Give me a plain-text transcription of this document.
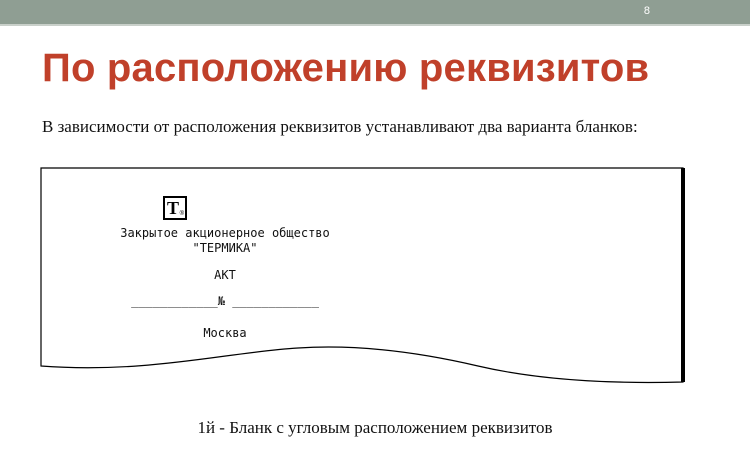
8
По расположению реквизитов

В зависимости от расположения реквизитов устанавливают два варианта бланков:

Т ®
Закрытое акционерное общество
"ТЕРМИКА"
АКТ
____________№ ____________
Москва
1й - Бланк с угловым расположением реквизитов
